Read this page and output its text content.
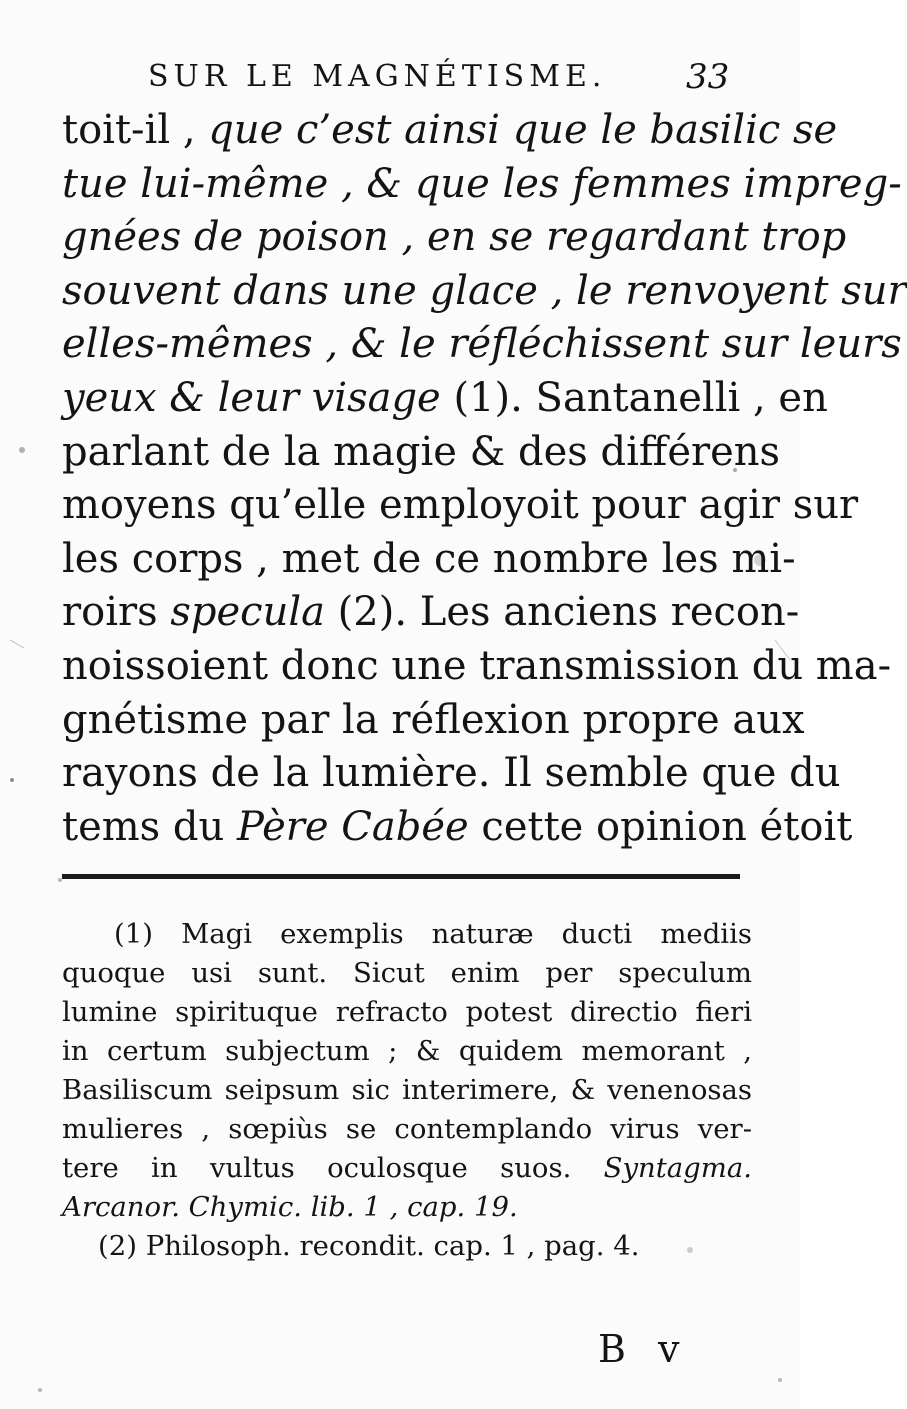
SUR LE MAGNÉTISME. 33
toit-il , que c’est ainsi que le basilic se
tue lui-même , & que les femmes impreg-
gnées de poison , en se regardant trop
souvent dans une glace , le renvoyent sur
elles-mêmes , & le réfléchissent sur leurs
yeux & leur visage (1). Santanelli , en
parlant de la magie & des différens
moyens qu’elle employoit pour agir sur
les corps , met de ce nombre les mi-
roirs specula (2). Les anciens recon-
noissoient donc une transmission du ma-
gnétisme par la réflexion propre aux
rayons de la lumière. Il semble que du
tems du Père Cabée cette opinion étoit
(1) Magi exemplis naturæ ducti mediis
quoque usi sunt. Sicut enim per speculum
lumine spirituque refracto potest directio fieri
in certum subjectum ; & quidem memorant ,
Basiliscum seipsum sic interimere, & venenosas
mulieres , sœpiùs se contemplando virus ver-
tere in vultus oculosque suos. Syntagma.
Arcanor. Chymic. lib. 1 , cap. 19.
(2) Philosoph. recondit. cap. 1 , pag. 4.
B v
